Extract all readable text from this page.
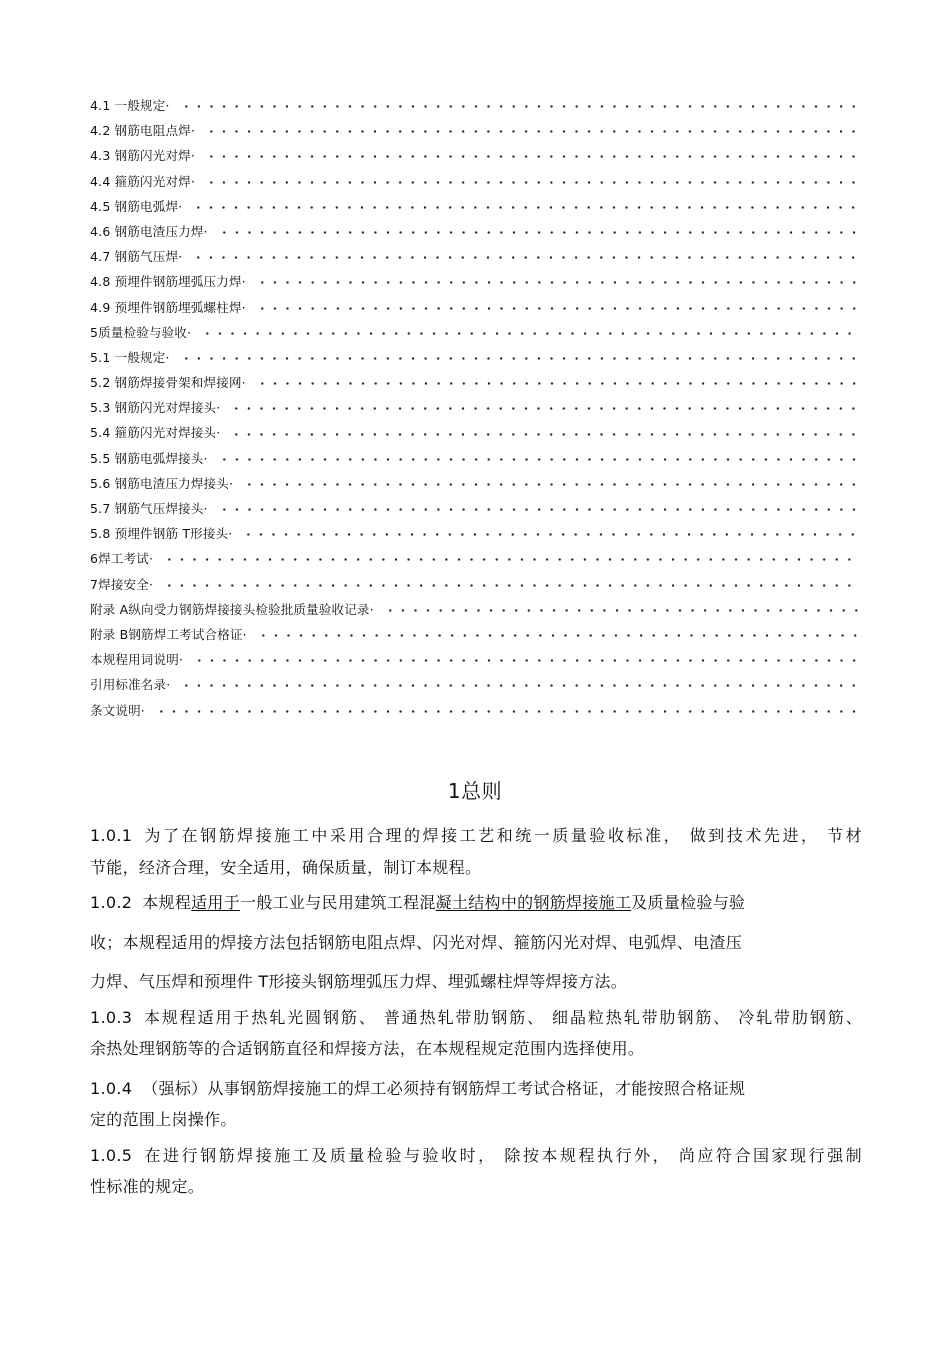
4.1 一般规定·
4.2 钢筋电阻点焊·
4.3 钢筋闪光对焊·
4.4 箍筋闪光对焊·
4.5 钢筋电弧焊·
4.6 钢筋电渣压力焊·
4.7 钢筋气压焊·
4.8 预埋件钢筋埋弧压力焊·
4.9 预埋件钢筋埋弧螺柱焊·
5质量检验与验收·
5.1 一般规定·
5.2 钢筋焊接骨架和焊接网·
5.3 钢筋闪光对焊接头·
5.4 箍筋闪光对焊接头·
5.5 钢筋电弧焊接头·
5.6 钢筋电渣压力焊接头·
5.7 钢筋气压焊接头·
5.8 预埋件钢筋 T形接头·
6焊工考试·
7焊接安全·
附录 A纵向受力钢筋焊接接头检验批质量验收记录·
附录 B钢筋焊工考试合格证·
本规程用词说明·
引用标准名录·
条文说明·
1总则
1.0.1 为了在钢筋焊接施工中采用合理的焊接工艺和统一质量验收标准， 做到技术先进， 节材
节能，经济合理，安全适用，确保质量，制订本规程。
1.0.2 本规程适用于一般工业与民用建筑工程混凝土结构中的钢筋焊接施工及质量检验与验
收；本规程适用的焊接方法包括钢筋电阻点焊、闪光对焊、箍筋闪光对焊、电弧焊、电渣压
力焊、气压焊和预埋件 T形接头钢筋埋弧压力焊、埋弧螺柱焊等焊接方法。
1.0.3 本规程适用于热轧光圆钢筋、 普通热轧带肋钢筋、 细晶粒热轧带肋钢筋、 冷轧带肋钢筋、
余热处理钢筋等的合适钢筋直径和焊接方法，在本规程规定范围内选择使用。
1.0.4 （强标）从事钢筋焊接施工的焊工必须持有钢筋焊工考试合格证，才能按照合格证规
定的范围上岗操作。
1.0.5 在进行钢筋焊接施工及质量检验与验收时， 除按本规程执行外， 尚应符合国家现行强制
性标准的规定。
